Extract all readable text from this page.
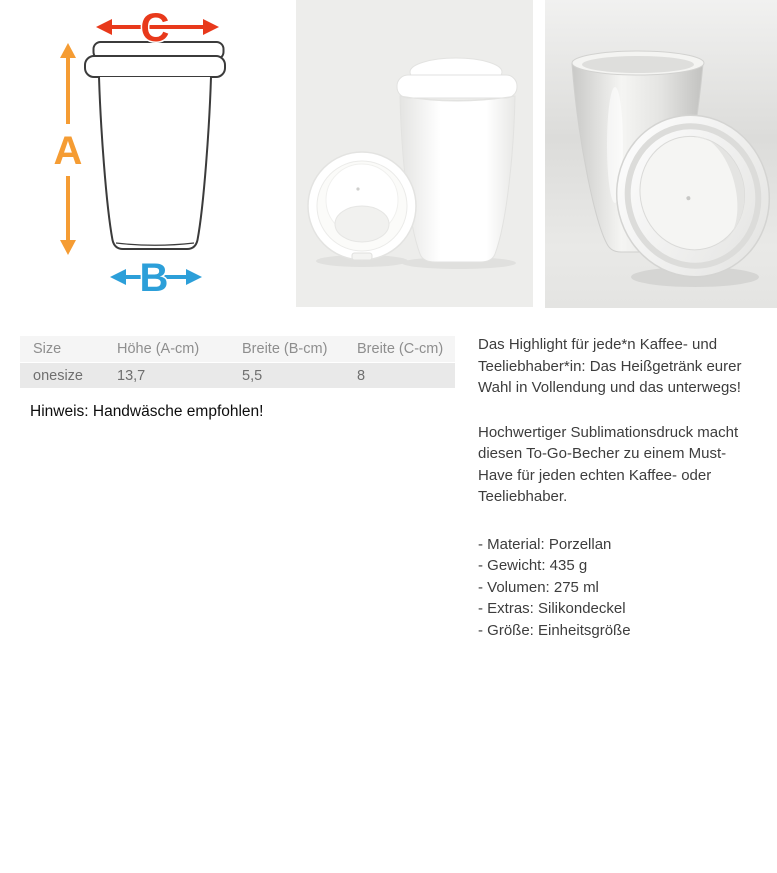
C
A
B
Size	Höhe (A-cm)	Breite (B-cm)	Breite (C-cm)
onesize	13,7	5,5	8
Hinweis: Handwäsche empfohlen!

Das Highlight für jede*n Kaffee- und Teeliebhaber*in: Das Heißgetränk eurer Wahl in Vollendung und das unterwegs!

Hochwertiger Sublimationsdruck macht diesen To-Go-Becher zu einem Must-Have für jeden echten Kaffee- oder Teeliebhaber.

- Material: Porzellan
- Gewicht: 435 g
- Volumen: 275 ml
- Extras: Silikondeckel
- Größe: Einheitsgröße
